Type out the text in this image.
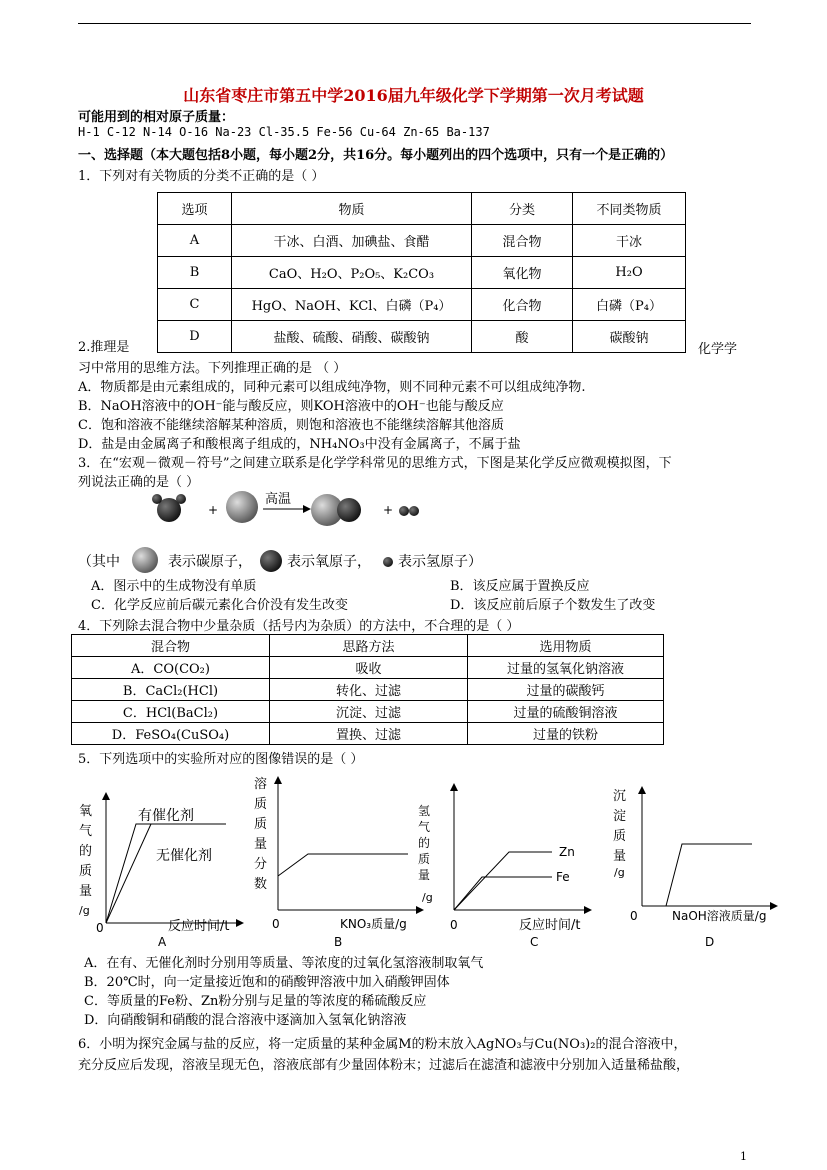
山东省枣庄市第五中学2016届九年级化学下学期第一次月考试题
可能用到的相对原子质量：
H-1 C-12 N-14 O-16 Na-23 Cl-35.5 Fe-56 Cu-64 Zn-65 Ba-137
一、选择题（本大题包括8小题，每小题2分，共16分。每小题列出的四个选项中，只有一个是正确的）
1．下列对有关物质的分类不正确的是（ ）
选项	物质	分类	不同类物质
A	干冰、白酒、加碘盐、食醋	混合物	干冰
B	CaO、H₂O、P₂O₅、K₂CO₃	氧化物	H₂O
C	HgO、NaOH、KCl、白磷（P₄）	化合物	白磷（P₄）
D	盐酸、硫酸、硝酸、碳酸钠	酸	碳酸钠
2.推理是	化学学
习中常用的思维方法。下列推理正确的是 （ ）
A．物质都是由元素组成的，同种元素可以组成纯净物，则不同种元素不可以组成纯净物.
B．NaOH溶液中的OH⁻能与酸反应，则KOH溶液中的OH⁻也能与酸反应
C．饱和溶液不能继续溶解某种溶质，则饱和溶液也不能继续溶解其他溶质
D．盐是由金属离子和酸根离子组成的，NH₄NO₃中没有金属离子，不属于盐
3．在“宏观－微观－符号”之间建立联系是化学学科常见的思维方式，下图是某化学反应微观模拟图，下
列说法正确的是（ ）
+
高温
+
（其中	表示碳原子，	表示氧原子， 表示氢原子）
A．图示中的生成物没有单质	B．该反应属于置换反应
C．化学反应前后碳元素化合价没有发生改变	D．该反应前后原子个数发生了改变
4．下列除去混合物中少量杂质（括号内为杂质）的方法中，不合理的是（ ）
混合物	思路方法	选用物质
A．CO(CO₂)	吸收	过量的氢氧化钠溶液
B．CaCl₂(HCl)	转化、过滤	过量的碳酸钙
C．HCl(BaCl₂)	沉淀、过滤	过量的硫酸铜溶液
D．FeSO₄(CuSO₄)	置换、过滤	过量的铁粉
5．下列选项中的实验所对应的图像错误的是（ ）
氧
气
的
质
量
/g
有催化剂
无催化剂
0	反应时间/t
A
溶
质
质
量
分
数
0	KNO₃质量/g
B
氢
气
的
质
量
/g
Zn
Fe
0	反应时间/t
C
沉
淀
质
量
/g
0	NaOH溶液质量/g
D
A．在有、无催化剂时分别用等质量、等浓度的过氧化氢溶液制取氧气
B．20℃时，向一定量接近饱和的硝酸钾溶液中加入硝酸钾固体
C．等质量的Fe粉、Zn粉分别与足量的等浓度的稀硫酸反应
D．向硝酸铜和硝酸的混合溶液中逐滴加入氢氧化钠溶液
6．小明为探究金属与盐的反应，将一定质量的某种金属M的粉末放入AgNO₃与Cu(NO₃)₂的混合溶液中，
充分反应后发现，溶液呈现无色，溶液底部有少量固体粉末；过滤后在滤渣和滤液中分别加入适量稀盐酸，
1
